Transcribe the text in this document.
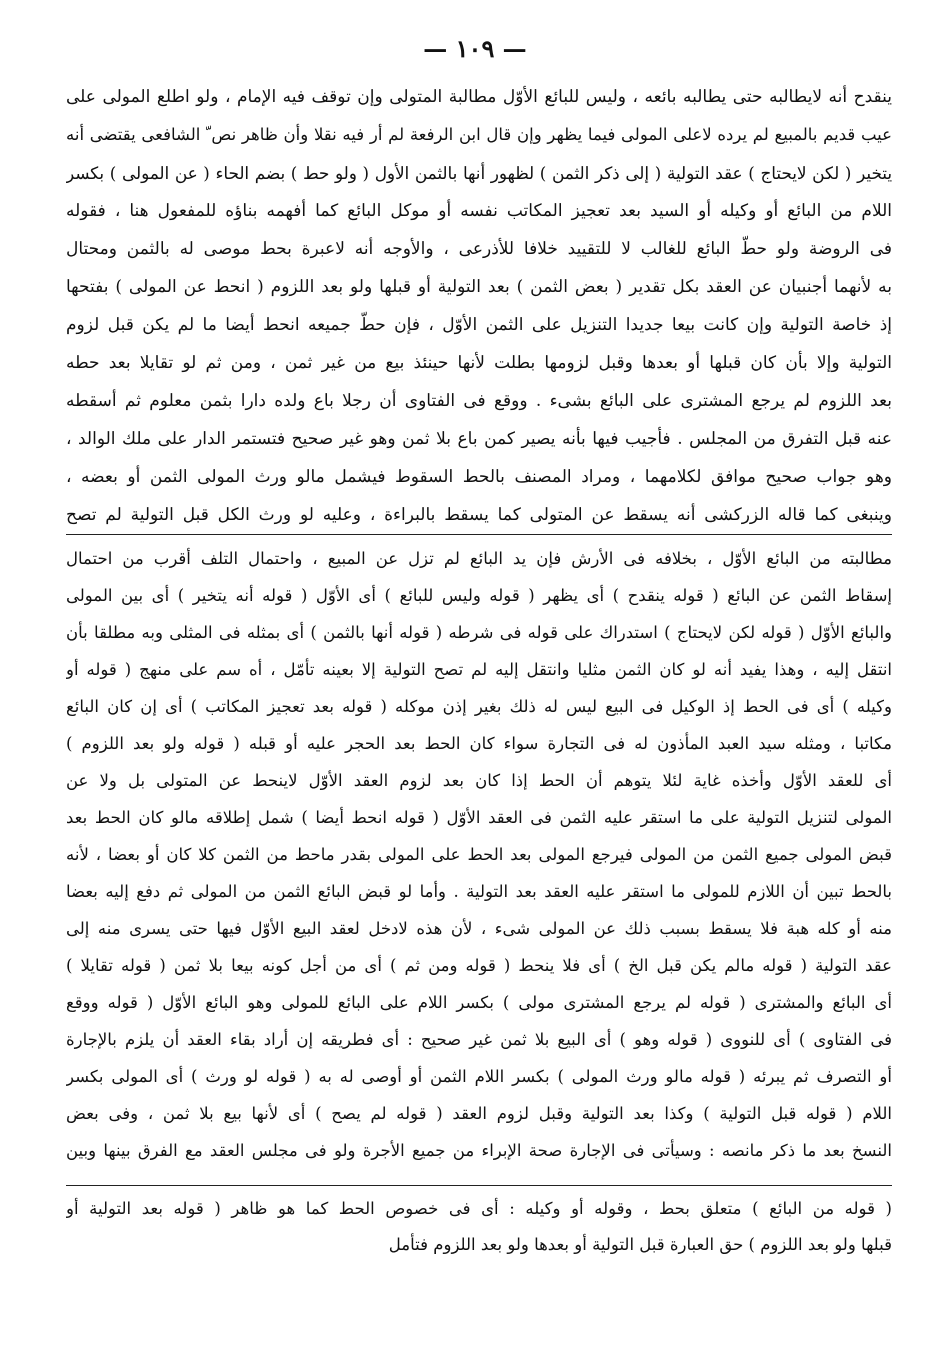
— ١٠٩ —
ينقدح أنه لايطالبه حتى يطالبه بائعه ، وليس للبائع الأوّل مطالبة المتولى وإن توقف فيه الإمام ، ولو اطلع المولى على
عيب قديم بالمبيع لم يرده لاعلى المولى فيما يظهر وإن قال ابن الرفعة لم أر فيه نقلا وأن ظاهر نص ّ الشافعى يقتضى أنه
يتخير ( لكن لايحتاج ) عقد التولية ( إلى ذكر الثمن ) لظهور أنها بالثمن الأول ( ولو حط ) بضم الحاء ( عن المولى ) بكسر
اللام من البائع أو وكيله أو السيد بعد تعجيز المكاتب نفسه أو موكل البائع كما أفهمه بناؤه للمفعول هنا ، فقوله
فى الروضة ولو حطّ البائع للغالب لا للتقييد خلافا للأذرعى ، والأوجه أنه لاعبرة بحط موصى له بالثمن ومحتال
به لأنهما أجنبيان عن العقد بكل تقدير ( بعض الثمن ) بعد التولية أو قبلها ولو بعد اللزوم ( انحط عن المولى ) بفتحها
إذ خاصة التولية وإن كانت بيعا جديدا التنزيل على الثمن الأوّل ، فإن حطّ جميعه انحط أيضا ما لم يكن قبل لزوم
التولية وإلا بأن كان قبلها أو بعدها وقبل لزومها بطلت لأنها حينئذ بيع من غير ثمن ، ومن ثم لو تقايلا بعد حطه
بعد اللزوم لم يرجع المشترى على البائع بشىء . ووقع فى الفتاوى أن رجلا باع ولده دارا بثمن معلوم ثم أسقطه
عنه قبل التفرق من المجلس . فأجيب فيها بأنه يصير كمن باع بلا ثمن وهو غير صحيح فتستمر الدار على ملك الوالد ،
وهو جواب صحيح موافق لكلامهما ، ومراد المصنف بالحط السقوط فيشمل مالو ورث المولى الثمن أو بعضه ،
وينبغى كما قاله الزركشى أنه يسقط عن المتولى كما يسقط بالبراءة ، وعليه لو ورث الكل قبل التولية لم تصح
مطالبته من البائع الأوّل ، بخلافه فى الأرش فإن يد البائع لم تزل عن المبيع ، واحتمال التلف أقرب من احتمال
إسقاط الثمن عن البائع ( قوله ينقدح ) أى يظهر ( قوله وليس للبائع ) أى الأوّل ( قوله أنه يتخير ) أى بين المولى
والبائع الأوّل ( قوله لكن لايحتاج ) استدراك على قوله فى شرطه ( قوله أنها بالثمن ) أى بمثله فى المثلى وبه مطلقا بأن
انتقل إليه ، وهذا يفيد أنه لو كان الثمن مثليا وانتقل إليه لم تصح التولية إلا بعينه تأمّل ، أه سم على منهج ( قوله أو
وكيله ) أى فى الحط إذ الوكيل فى البيع ليس له ذلك بغير إذن موكله ( قوله بعد تعجيز المكاتب ) أى إن كان البائع
مكاتبا ، ومثله سيد العبد المأذون له فى التجارة سواء كان الحط بعد الحجر عليه أو قبله ( قوله ولو بعد اللزوم )
أى للعقد الأوّل وأخذه غاية لئلا يتوهم أن الحط إذا كان بعد لزوم العقد الأوّل لاينحط عن المتولى بل ولا عن
المولى لتنزيل التولية على ما استقر عليه الثمن فى العقد الأوّل ( قوله انحط أيضا ) شمل إطلاقه مالو كان الحط بعد
قبض المولى جميع الثمن من المولى فيرجع المولى بعد الحط على المولى بقدر ماحط من الثمن كلا كان أو بعضا ، لأنه
بالحط تبين أن اللازم للمولى ما استقر عليه العقد بعد التولية . وأما لو قبض البائع الثمن من المولى ثم دفع إليه بعضا
منه أو كله هبة فلا يسقط بسبب ذلك عن المولى شىء ، لأن هذه لادخل لعقد البيع الأوّل فيها حتى يسرى منه إلى
عقد التولية ( قوله مالم يكن قبل الخ ) أى فلا ينحط ( قوله ومن ثم ) أى من أجل كونه بيعا بلا ثمن ( قوله تقايلا )
أى البائع والمشترى ( قوله لم يرجع المشترى مولى ) بكسر اللام على البائع للمولى وهو البائع الأوّل ( قوله ووقع
فى الفتاوى ) أى للنووى ( قوله وهو ) أى البيع بلا ثمن غير صحيح : أى فطريقه إن أراد بقاء العقد أن يلزم بالإجارة
أو التصرف ثم يبرئه ( قوله مالو ورث المولى ) بكسر اللام الثمن أو أوصى له به ( قوله لو ورث ) أى المولى بكسر
اللام ( قوله قبل التولية ) وكذا بعد التولية وقبل لزوم العقد ( قوله لم يصح ) أى لأنها بيع بلا ثمن ، وفى بعض
النسخ بعد ما ذكر مانصه : وسيأتى فى الإجارة صحة الإبراء من جميع الأجرة ولو فى مجلس العقد مع الفرق بينها وبين
( قوله من البائع ) متعلق بحط ، وقوله أو وكيله : أى فى خصوص الحط كما هو ظاهر ( قوله بعد التولية أو
قبلها ولو بعد اللزوم ) حق العبارة قبل التولية أو بعدها ولو بعد اللزوم فتأمل
